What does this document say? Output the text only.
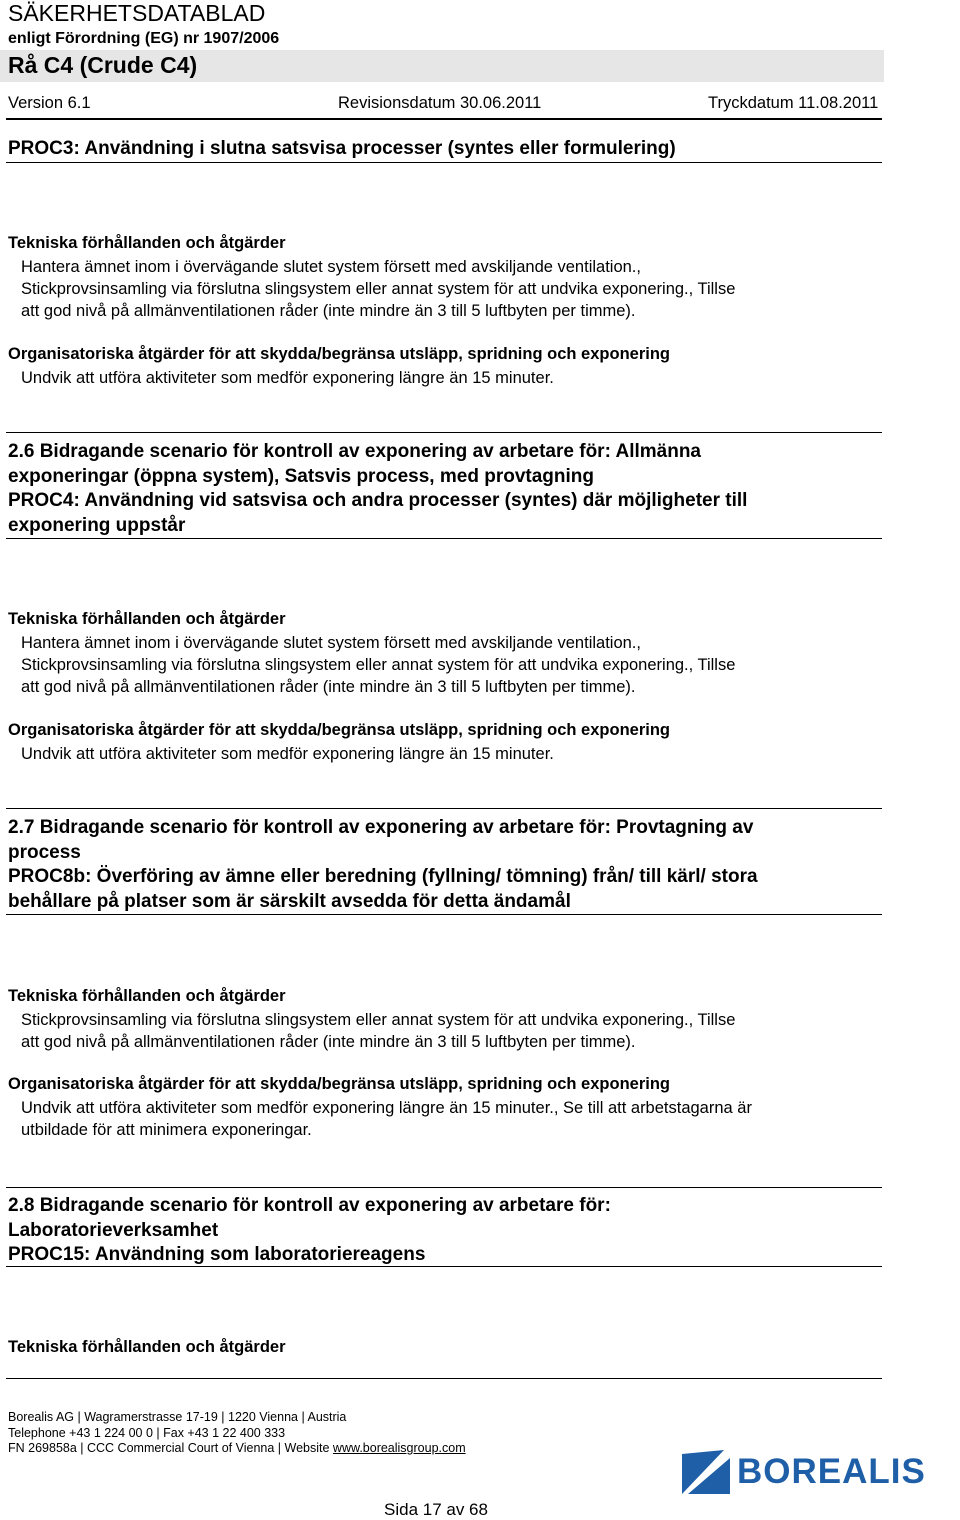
SÄKERHETSDATABLAD
enligt Förordning (EG) nr 1907/2006
Rå C4 (Crude C4)
Version 6.1	Revisionsdatum 30.06.2011	Tryckdatum 11.08.2011
PROC3: Användning i slutna satsvisa processer (syntes eller formulering)
Tekniska förhållanden och åtgärder
Hantera ämnet inom i övervägande slutet system försett med avskiljande ventilation.,
Stickprovsinsamling via förslutna slingsystem eller annat system för att undvika exponering., Tillse
att god nivå på allmänventilationen råder (inte mindre än 3 till 5 luftbyten per timme).
Organisatoriska åtgärder för att skydda/begränsa utsläpp, spridning och exponering
Undvik att utföra aktiviteter som medför exponering längre än 15 minuter.
2.6 Bidragande scenario för kontroll av exponering av arbetare för: Allmänna
exponeringar (öppna system), Satsvis process, med provtagning
PROC4: Användning vid satsvisa och andra processer (syntes) där möjligheter till
exponering uppstår
Tekniska förhållanden och åtgärder
Hantera ämnet inom i övervägande slutet system försett med avskiljande ventilation.,
Stickprovsinsamling via förslutna slingsystem eller annat system för att undvika exponering., Tillse
att god nivå på allmänventilationen råder (inte mindre än 3 till 5 luftbyten per timme).
Organisatoriska åtgärder för att skydda/begränsa utsläpp, spridning och exponering
Undvik att utföra aktiviteter som medför exponering längre än 15 minuter.
2.7 Bidragande scenario för kontroll av exponering av arbetare för: Provtagning av
process
PROC8b: Överföring av ämne eller beredning (fyllning/ tömning) från/ till kärl/ stora
behållare på platser som är särskilt avsedda för detta ändamål
Tekniska förhållanden och åtgärder
Stickprovsinsamling via förslutna slingsystem eller annat system för att undvika exponering., Tillse
att god nivå på allmänventilationen råder (inte mindre än 3 till 5 luftbyten per timme).
Organisatoriska åtgärder för att skydda/begränsa utsläpp, spridning och exponering
Undvik att utföra aktiviteter som medför exponering längre än 15 minuter., Se till att arbetstagarna är
utbildade för att minimera exponeringar.
2.8 Bidragande scenario för kontroll av exponering av arbetare för:
Laboratorieverksamhet
PROC15: Användning som laboratoriereagens
Tekniska förhållanden och åtgärder
Borealis AG | Wagramerstrasse 17-19 | 1220 Vienna | Austria
Telephone +43 1 224 00 0 | Fax +43 1 22 400 333
FN 269858a | CCC Commercial Court of Vienna | Website www.borealisgroup.com
BOREALIS
Sida 17 av 68
